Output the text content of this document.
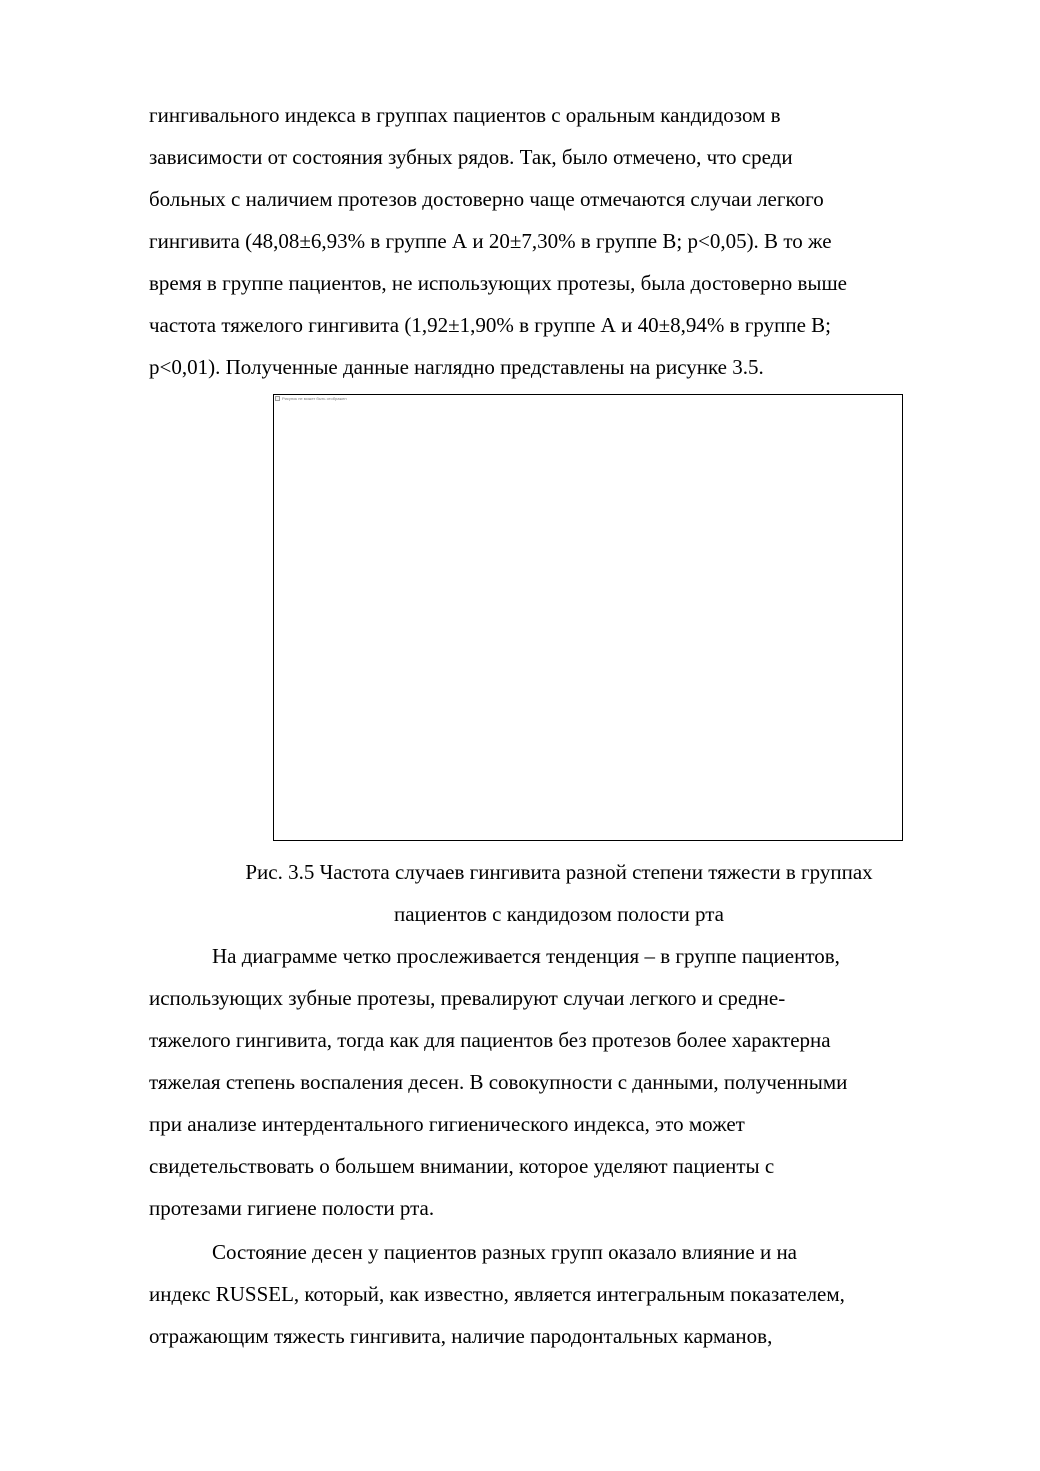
гингивального индекса в группах пациентов с оральным кандидозом в
зависимости от состояния зубных рядов. Так, было отмечено, что среди
больных с наличием протезов достоверно чаще отмечаются случаи легкого
гингивита (48,08±6,93% в группе А и 20±7,30% в группе В; p<0,05). В то же
время в группе пациентов, не использующих протезы, была достоверно выше
частота тяжелого гингивита (1,92±1,90% в группе А и 40±8,94% в группе В;
p<0,01). Полученные данные наглядно представлены на рисунке 3.5.

Рисунок не может быть отображен

Рис. 3.5 Частота случаев гингивита разной степени тяжести в группах
пациентов с кандидозом полости рта

На диаграмме четко прослеживается тенденция – в группе пациентов,
использующих зубные протезы, превалируют случаи легкого и средне-
тяжелого гингивита, тогда как для пациентов без протезов более характерна
тяжелая степень воспаления десен. В совокупности с данными, полученными
при анализе интердентального гигиенического индекса, это может
свидетельствовать о большем внимании, которое уделяют пациенты с
протезами гигиене полости рта.

Состояние десен у пациентов разных групп оказало влияние и на
индекс RUSSEL, который, как известно, является интегральным показателем,
отражающим тяжесть гингивита, наличие пародонтальных карманов,
